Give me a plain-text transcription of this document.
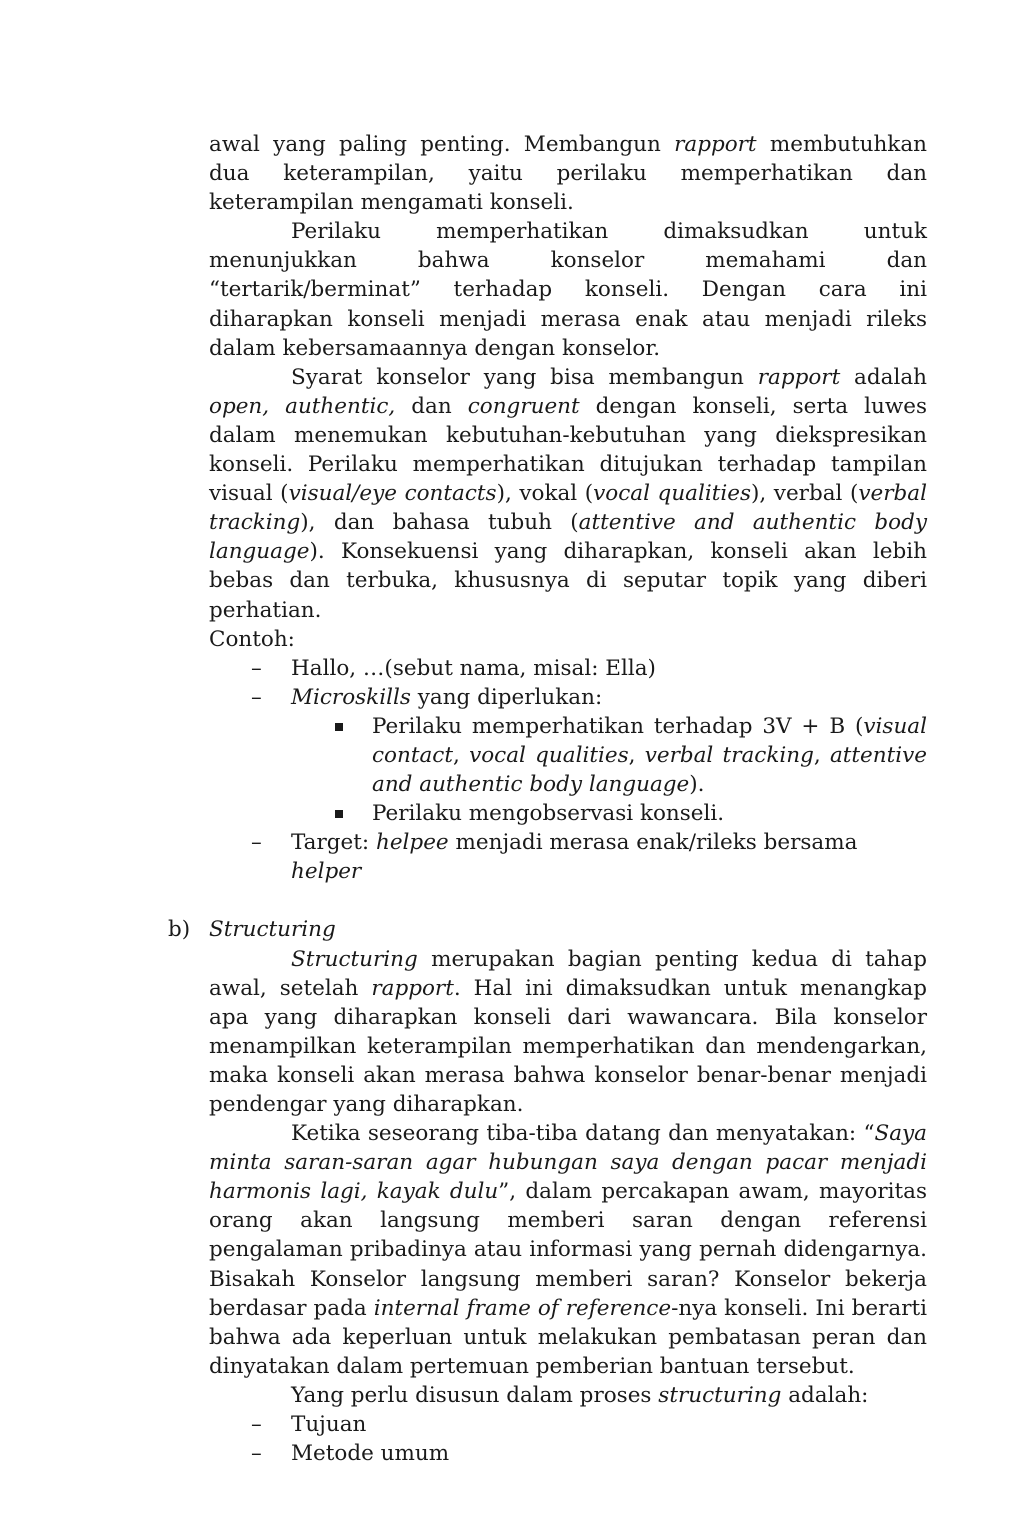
awal yang paling penting. Membangun rapport membutuhkan dua keterampilan, yaitu perilaku memperhatikan dan keterampilan mengamati konseli.

Perilaku memperhatikan dimaksudkan untuk menunjukkan bahwa konselor memahami dan “tertarik/berminat” terhadap konseli. Dengan cara ini diharapkan konseli menjadi merasa enak atau menjadi rileks dalam kebersamaannya dengan konselor.

Syarat konselor yang bisa membangun rapport adalah open, authentic, dan congruent dengan konseli, serta luwes dalam menemukan kebutuhan-kebutuhan yang diekspresikan konseli. Perilaku memperhatikan ditujukan terhadap tampilan visual (visual/eye contacts), vokal (vocal qualities), verbal (verbal tracking), dan bahasa tubuh (attentive and authentic body language). Konsekuensi yang diharapkan, konseli akan lebih bebas dan terbuka, khususnya di seputar topik yang diberi perhatian.

Contoh:

– Hallo, …(sebut nama, misal: Ella)
– Microskills yang diperlukan:
Perilaku memperhatikan terhadap 3V + B (visual contact, vocal qualities, verbal tracking, attentive and authentic body language).
Perilaku mengobservasi konseli.
– Target: helpee menjadi merasa enak/rileks bersama helper
b) Structuring

Structuring merupakan bagian penting kedua di tahap awal, setelah rapport. Hal ini dimaksudkan untuk menangkap apa yang diharapkan konseli dari wawancara. Bila konselor menampilkan keterampilan memperhatikan dan mendengarkan, maka konseli akan merasa bahwa konselor benar-benar menjadi pendengar yang diharapkan.

Ketika seseorang tiba-tiba datang dan menyatakan: “Saya minta saran-saran agar hubungan saya dengan pacar menjadi harmonis lagi, kayak dulu”, dalam percakapan awam, mayoritas orang akan langsung memberi saran dengan referensi pengalaman pribadinya atau informasi yang pernah didengarnya. Bisakah Konselor langsung memberi saran? Konselor bekerja berdasar pada internal frame of reference-nya konseli. Ini berarti bahwa ada keperluan untuk melakukan pembatasan peran dan dinyatakan dalam pertemuan pemberian bantuan tersebut.

Yang perlu disusun dalam proses structuring adalah:

– Tujuan
– Metode umum
